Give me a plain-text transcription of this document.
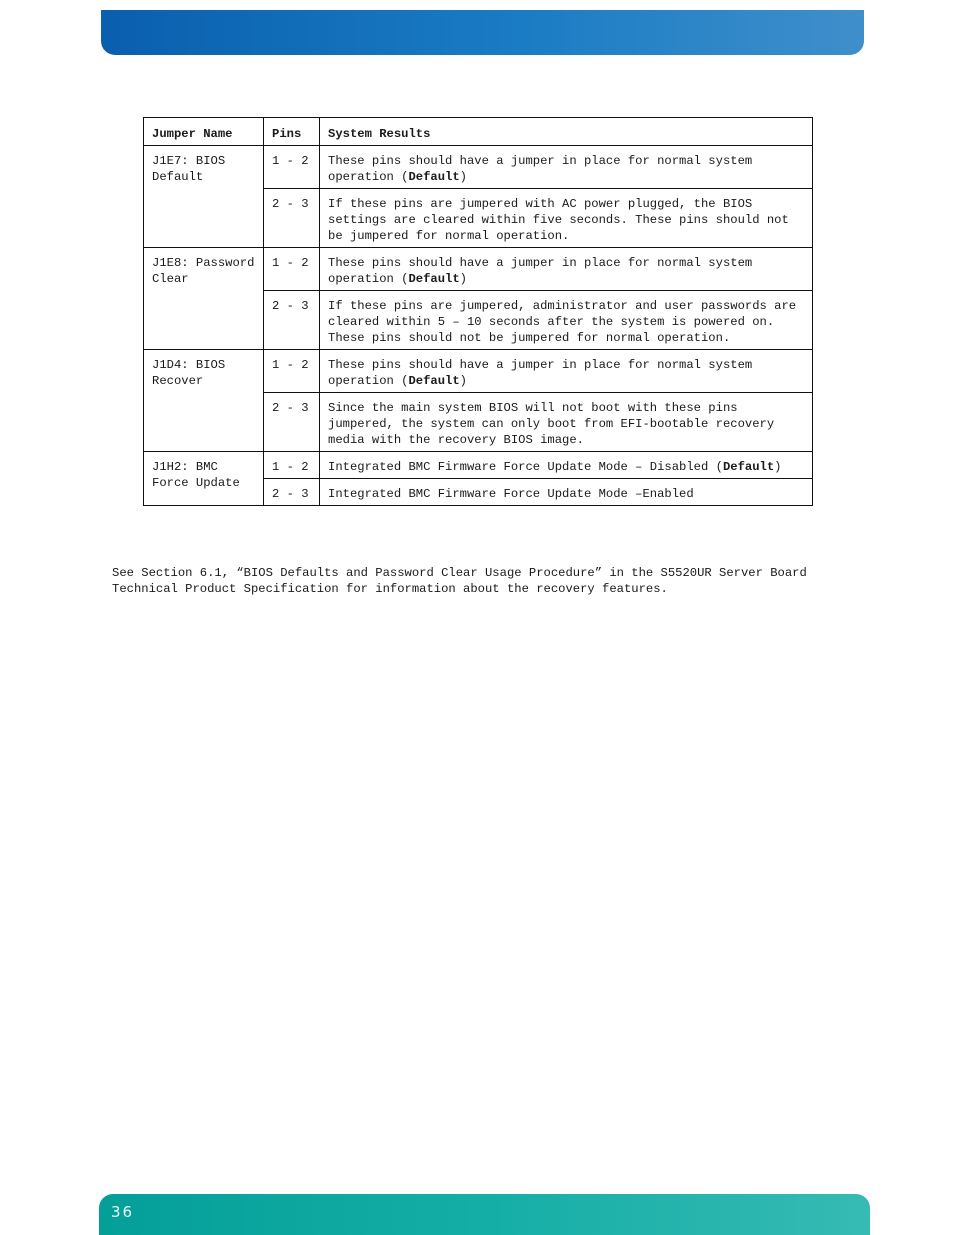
Jumper Name	Pins	System Results
J1E7: BIOS Default	1 - 2	These pins should have a jumper in place for normal system operation (Default)
	2 - 3	If these pins are jumpered with AC power plugged, the BIOS settings are cleared within five seconds. These pins should not be jumpered for normal operation.
J1E8: Password Clear	1 - 2	These pins should have a jumper in place for normal system operation (Default)
	2 - 3	If these pins are jumpered, administrator and user passwords are cleared within 5 – 10 seconds after the system is powered on. These pins should not be jumpered for normal operation.
J1D4: BIOS Recover	1 - 2	These pins should have a jumper in place for normal system operation (Default)
	2 - 3	Since the main system BIOS will not boot with these pins jumpered, the system can only boot from EFI-bootable recovery media with the recovery BIOS image.
J1H2: BMC Force Update	1 - 2	Integrated BMC Firmware Force Update Mode – Disabled (Default)
	2 - 3	Integrated BMC Firmware Force Update Mode –Enabled

See Section 6.1, “BIOS Defaults and Password Clear Usage Procedure” in the S5520UR Server Board Technical Product Specification for information about the recovery features.

36
